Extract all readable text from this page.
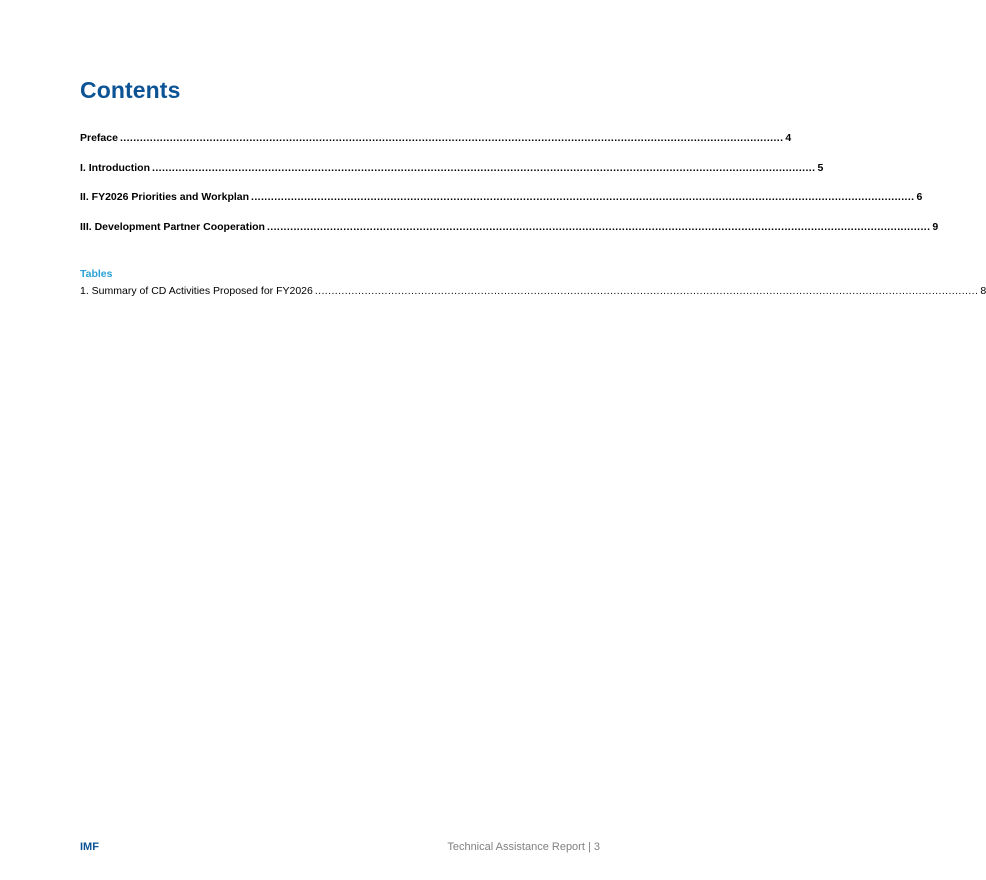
Contents
Preface ........................................................................................................................................................................................................ 4
I. Introduction ........................................................................................................................................................................................................ 5
II. FY2026 Priorities and Workplan ........................................................................................................................................................................................................ 6
III. Development Partner Cooperation ........................................................................................................................................................................................................ 9
Tables
1. Summary of CD Activities Proposed for FY2026 ........................................................................................................................................................................................................ 8
IMF	Technical Assistance Report | 3
